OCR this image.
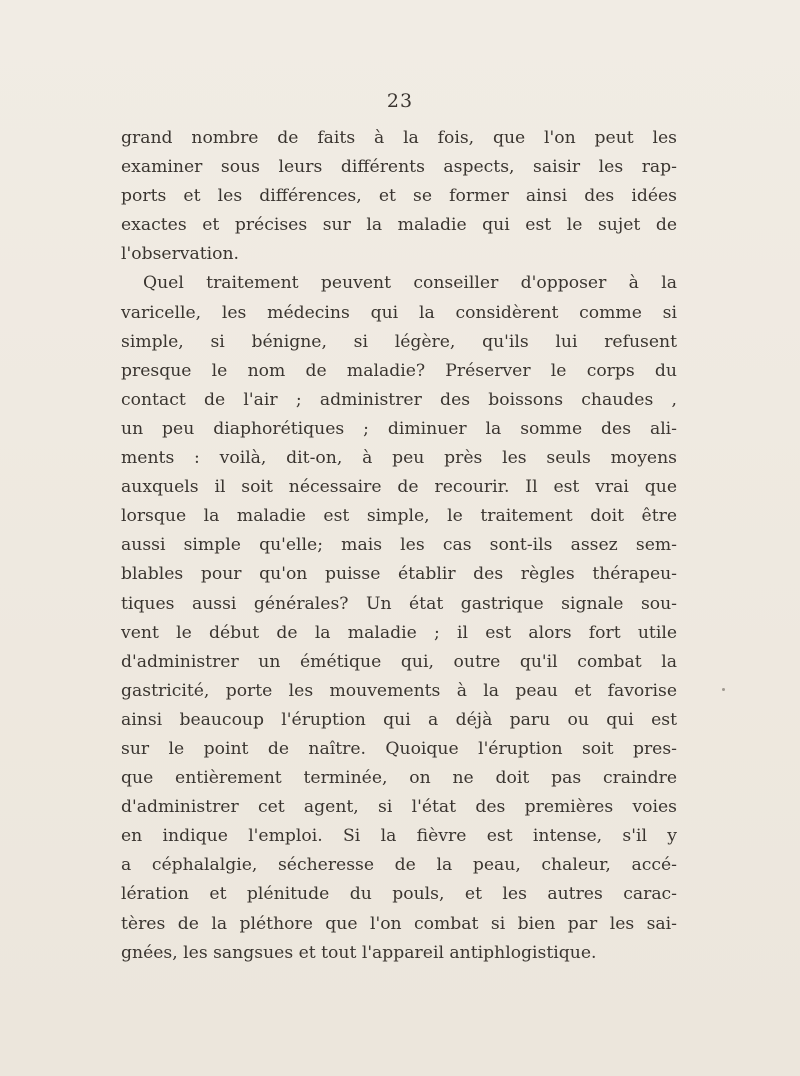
23
grand nombre de faits à la fois, que l'on peut les
examiner sous leurs différents aspects, saisir les rap-
ports et les différences, et se former ainsi des idées
exactes et précises sur la maladie qui est le sujet de
l'observation.
Quel traitement peuvent conseiller d'opposer à la
varicelle, les médecins qui la considèrent comme si
simple, si bénigne, si légère, qu'ils lui refusent
presque le nom de maladie? Préserver le corps du
contact de l'air ; administrer des boissons chaudes ,
un peu diaphorétiques ; diminuer la somme des ali-
ments : voilà, dit-on, à peu près les seuls moyens
auxquels il soit nécessaire de recourir. Il est vrai que
lorsque la maladie est simple, le traitement doit être
aussi simple qu'elle; mais les cas sont-ils assez sem-
blables pour qu'on puisse établir des règles thérapeu-
tiques aussi générales? Un état gastrique signale sou-
vent le début de la maladie ; il est alors fort utile
d'administrer un émétique qui, outre qu'il combat la
gastricité, porte les mouvements à la peau et favorise
ainsi beaucoup l'éruption qui a déjà paru ou qui est
sur le point de naître. Quoique l'éruption soit pres-
que entièrement terminée, on ne doit pas craindre
d'administrer cet agent, si l'état des premières voies
en indique l'emploi. Si la fièvre est intense, s'il y
a céphalalgie, sécheresse de la peau, chaleur, accé-
lération et plénitude du pouls, et les autres carac-
tères de la pléthore que l'on combat si bien par les sai-
gnées, les sangsues et tout l'appareil antiphlogistique.
